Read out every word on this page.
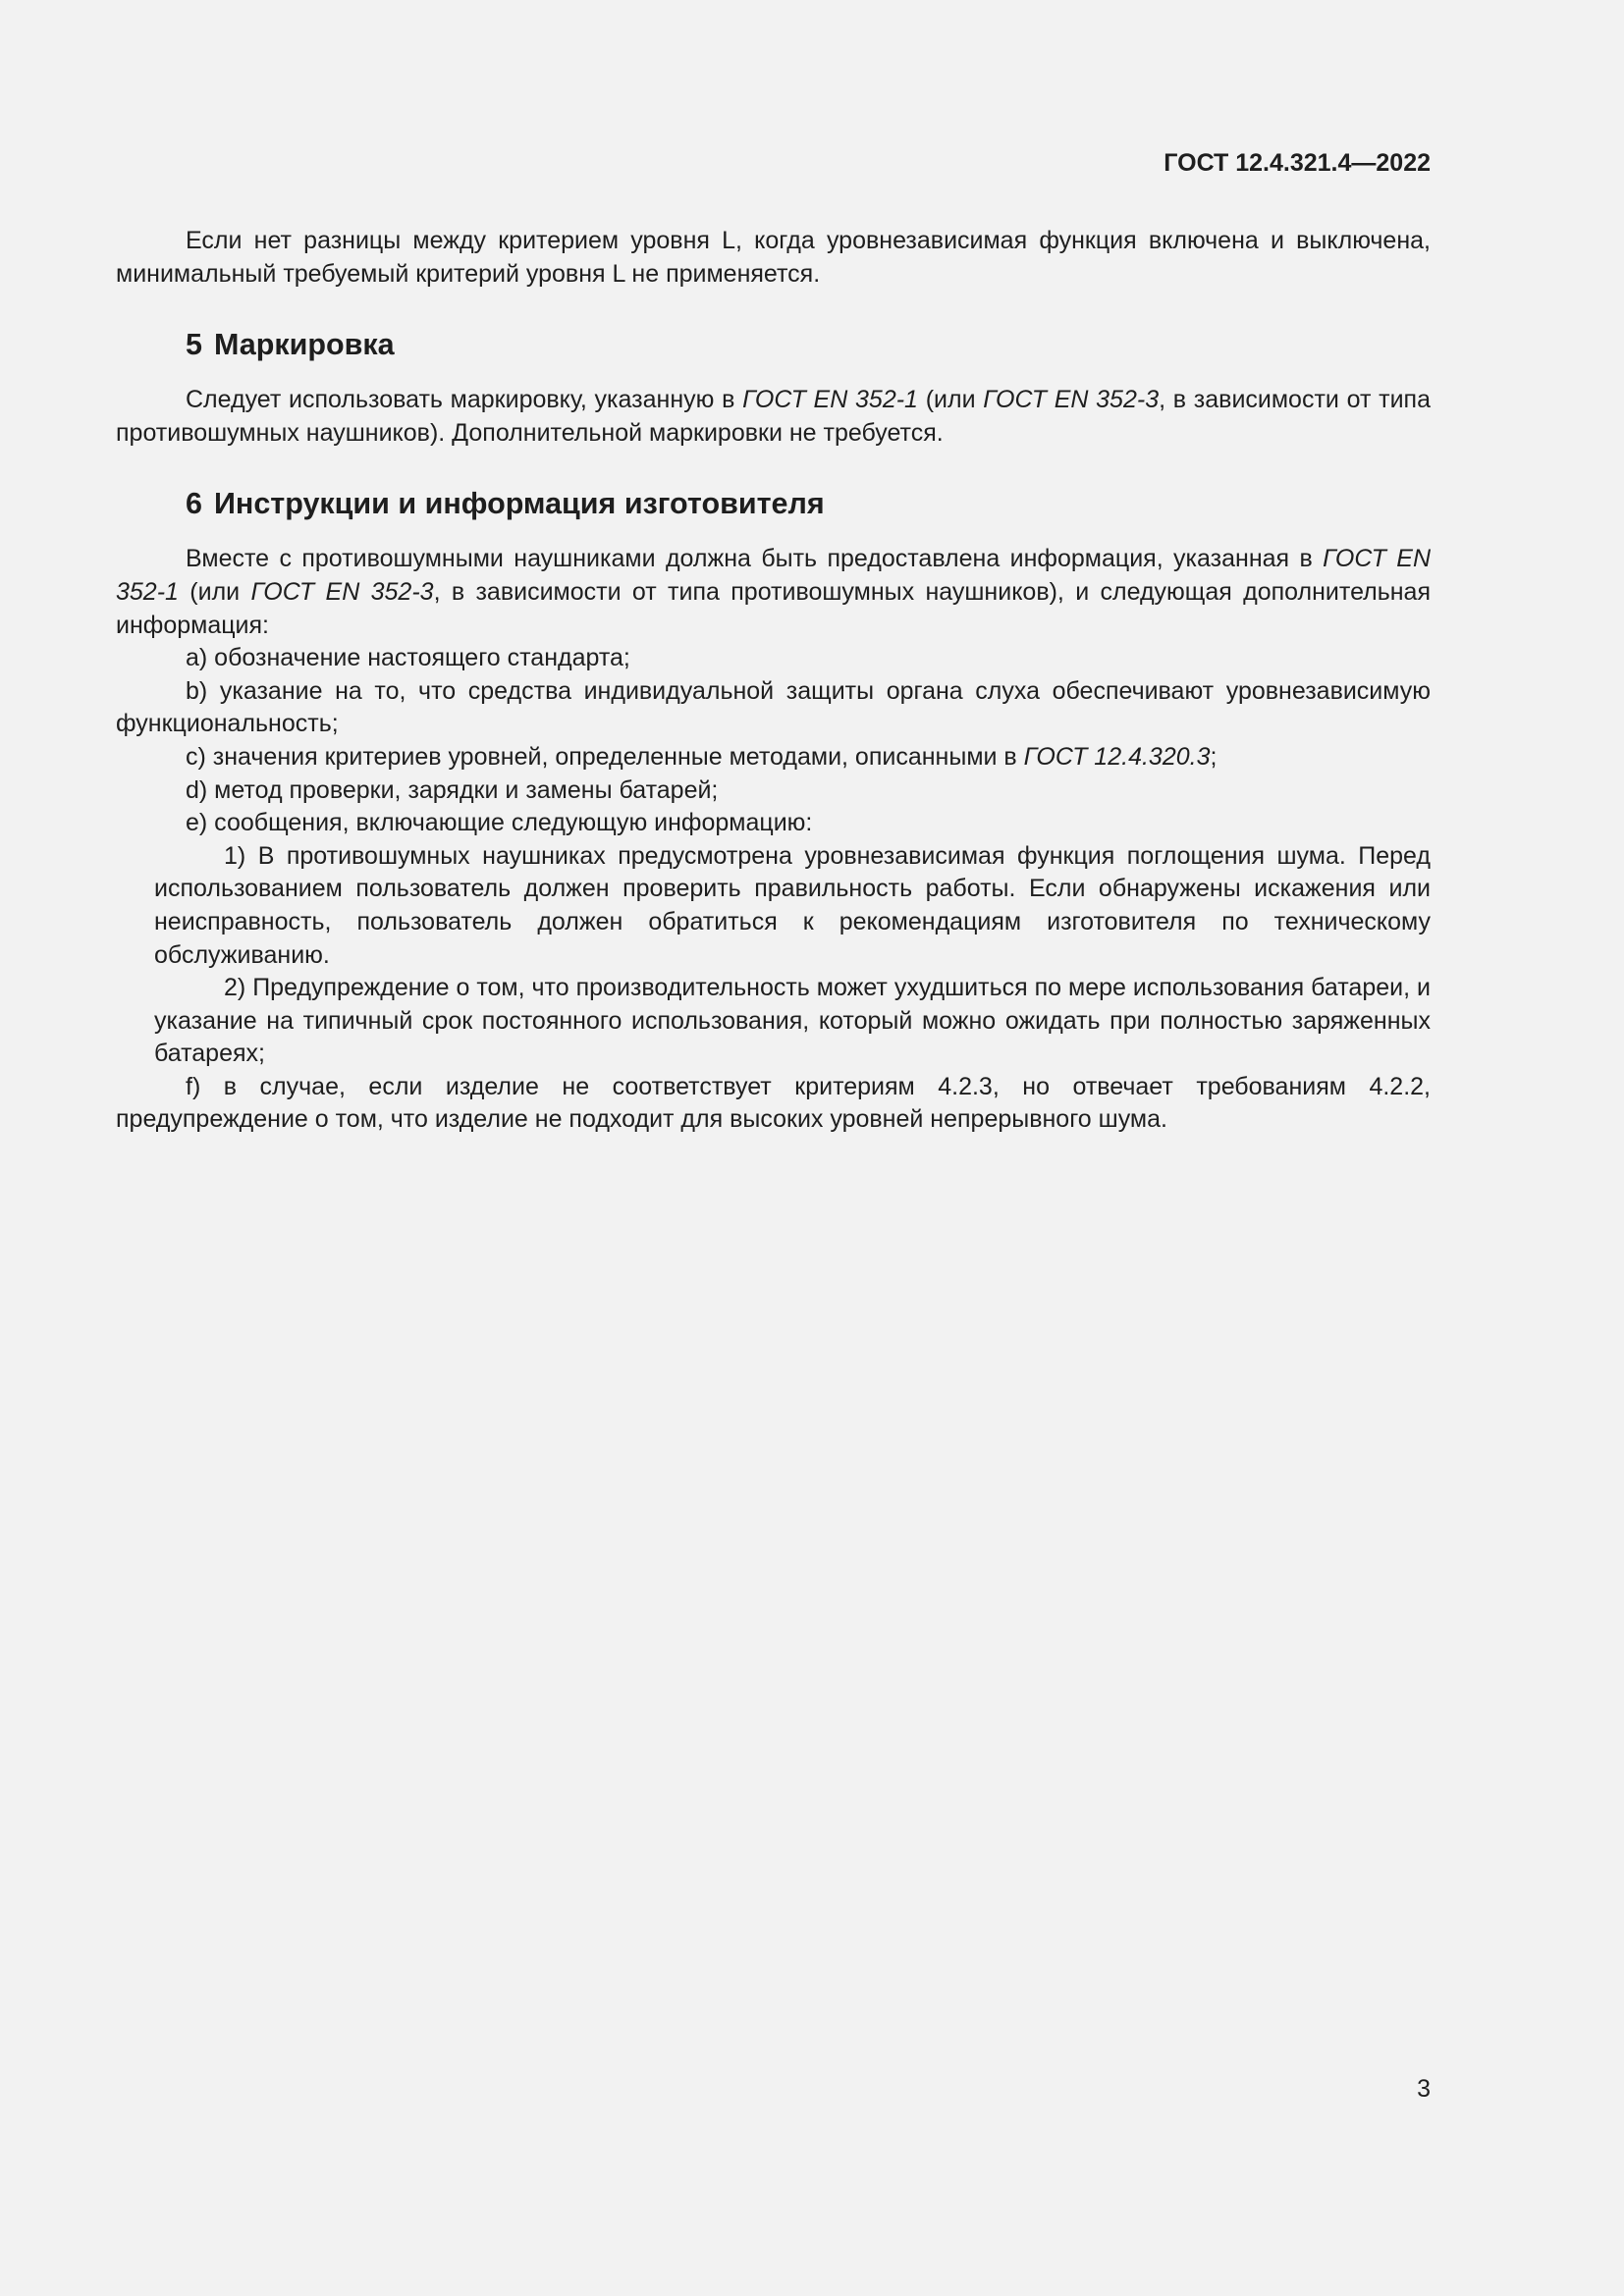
ГОСТ 12.4.321.4—2022

Если нет разницы между критерием уровня L, когда уровнезависимая функция включена и выключена, минимальный требуемый критерий уровня L не применяется.

5 Маркировка

Следует использовать маркировку, указанную в ГОСТ EN 352-1 (или ГОСТ EN 352-3, в зависимости от типа противошумных наушников). Дополнительной маркировки не требуется.

6 Инструкции и информация изготовителя

Вместе с противошумными наушниками должна быть предоставлена информация, указанная в ГОСТ EN 352-1 (или ГОСТ EN 352-3, в зависимости от типа противошумных наушников), и следующая дополнительная информация:

a) обозначение настоящего стандарта;

b) указание на то, что средства индивидуальной защиты органа слуха обеспечивают уровнезависимую функциональность;

c) значения критериев уровней, определенные методами, описанными в ГОСТ 12.4.320.3;

d) метод проверки, зарядки и замены батарей;

e) сообщения, включающие следующую информацию:

1) В противошумных наушниках предусмотрена уровнезависимая функция поглощения шума. Перед использованием пользователь должен проверить правильность работы. Если обнаружены искажения или неисправность, пользователь должен обратиться к рекомендациям изготовителя по техническому обслуживанию.

2) Предупреждение о том, что производительность может ухудшиться по мере использования батареи, и указание на типичный срок постоянного использования, который можно ожидать при полностью заряженных батареях;

f) в случае, если изделие не соответствует критериям 4.2.3, но отвечает требованиям 4.2.2, предупреждение о том, что изделие не подходит для высоких уровней непрерывного шума.

3
